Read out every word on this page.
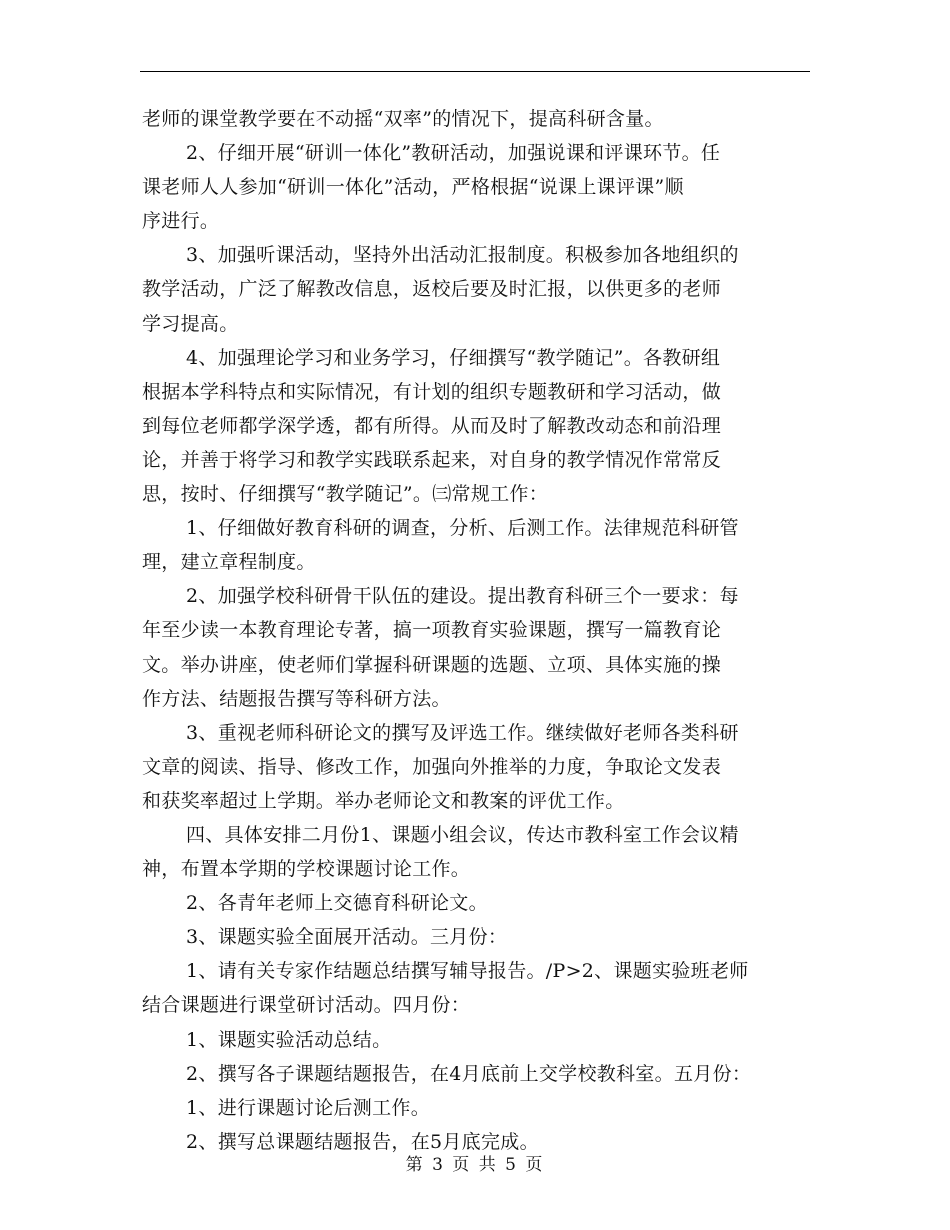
老师的课堂教学要在不动摇“双率”的情况下，提高科研含量。
2、仔细开展“研训一体化”教研活动，加强说课和评课环节。任
课老师人人参加“研训一体化”活动，严格根据“说课上课评课”顺
序进行。
3、加强听课活动，坚持外出活动汇报制度。积极参加各地组织的
教学活动，广泛了解教改信息，返校后要及时汇报，以供更多的老师
学习提高。
4、加强理论学习和业务学习，仔细撰写“教学随记”。各教研组
根据本学科特点和实际情况，有计划的组织专题教研和学习活动，做
到每位老师都学深学透，都有所得。从而及时了解教改动态和前沿理
论，并善于将学习和教学实践联系起来，对自身的教学情况作常常反
思，按时、仔细撰写“教学随记”。㈢常规工作：
1、仔细做好教育科研的调查，分析、后测工作。法律规范科研管
理，建立章程制度。
2、加强学校科研骨干队伍的建设。提出教育科研三个一要求：每
年至少读一本教育理论专著，搞一项教育实验课题，撰写一篇教育论
文。举办讲座，使老师们掌握科研课题的选题、立项、具体实施的操
作方法、结题报告撰写等科研方法。
3、重视老师科研论文的撰写及评选工作。继续做好老师各类科研
文章的阅读、指导、修改工作，加强向外推举的力度，争取论文发表
和获奖率超过上学期。举办老师论文和教案的评优工作。
四、具体安排二月份1、课题小组会议，传达市教科室工作会议精
神，布置本学期的学校课题讨论工作。
2、各青年老师上交德育科研论文。
3、课题实验全面展开活动。三月份：
1、请有关专家作结题总结撰写辅导报告。/P>2、课题实验班老师
结合课题进行课堂研讨活动。四月份：
1、课题实验活动总结。
2、撰写各子课题结题报告，在4月底前上交学校教科室。五月份：
1、进行课题讨论后测工作。
2、撰写总课题结题报告，在5月底完成。
第 3 页 共 5 页
